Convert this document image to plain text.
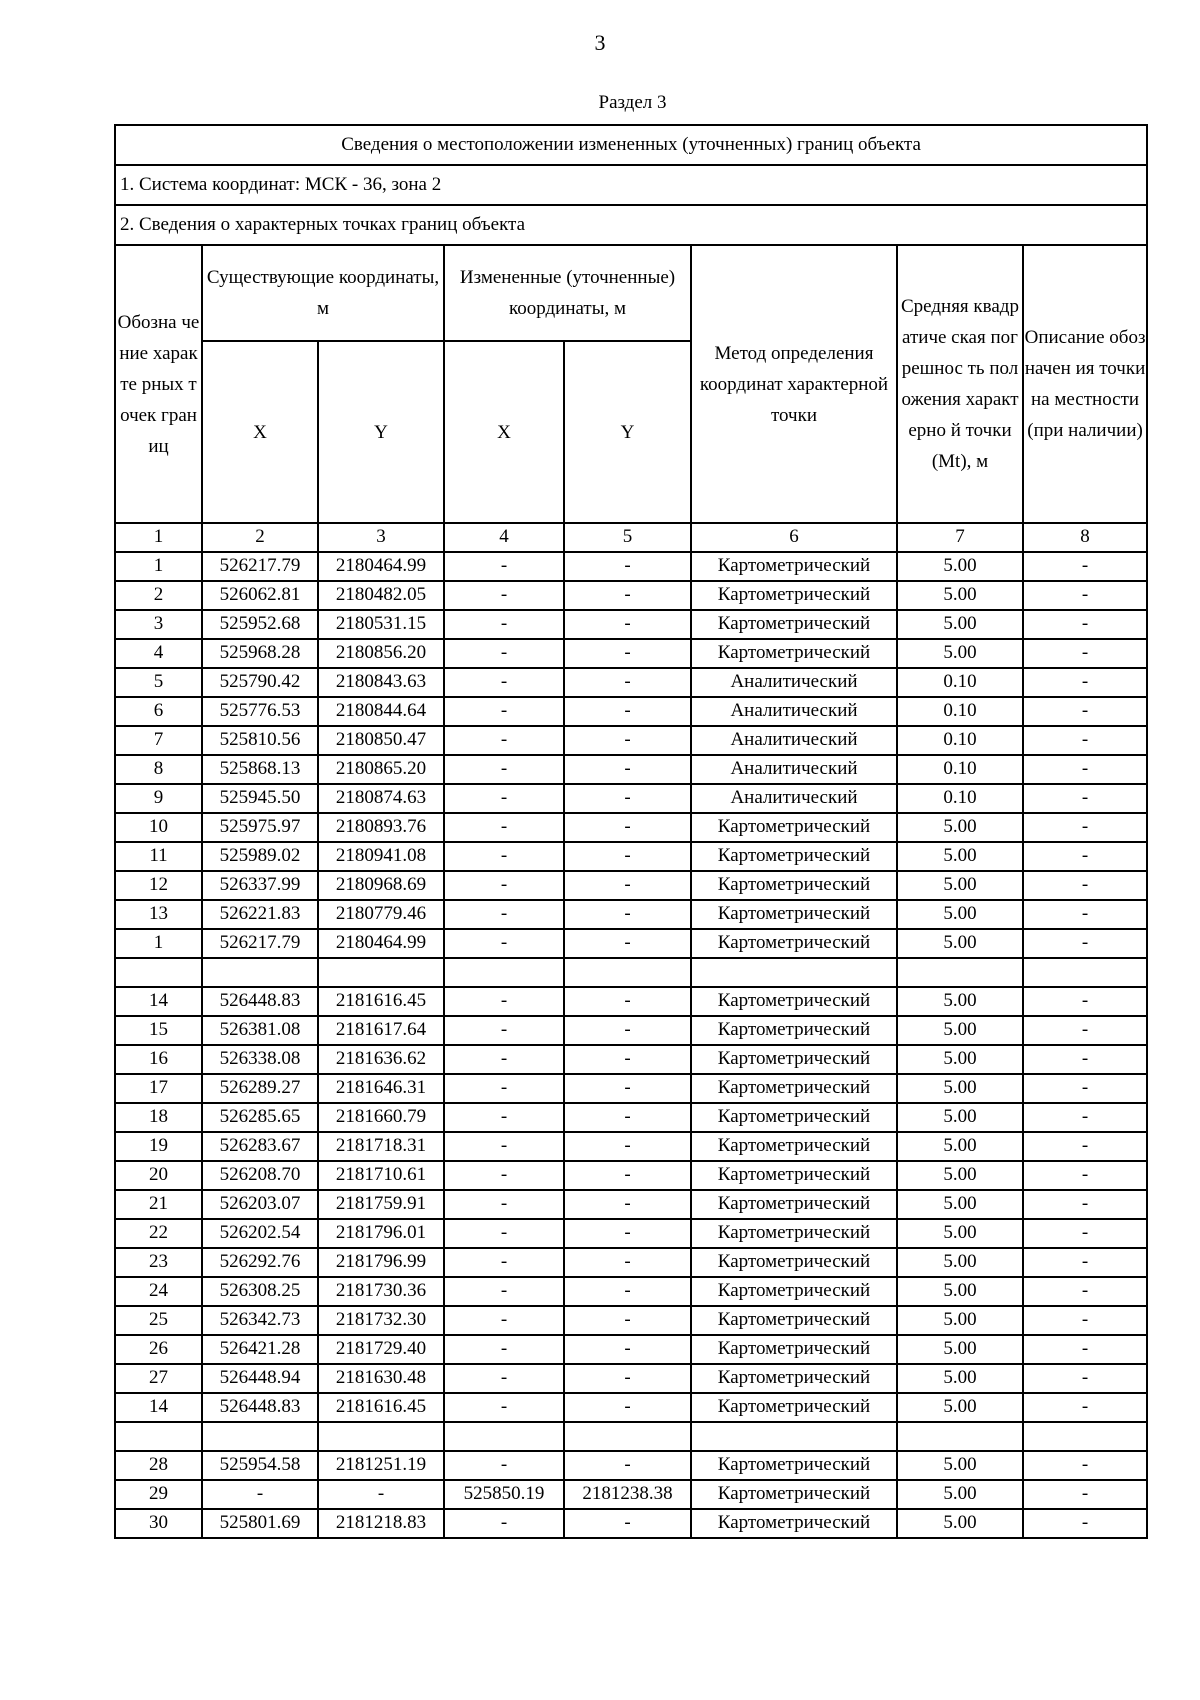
3
Раздел 3
Сведения о местоположении измененных (уточненных) границ объекта							
1. Система координат: МСК - 36, зона 2							
2. Сведения о характерных точках границ объекта							
Обозна чение характе рных точек границ	Существующие координаты, м		Измененные (уточненные) координаты, м		Метод определения координат характерной точки	Средняя квадратиче ская погрешнос ть положения характерно й точки (Mt), м	Описание обозначен ия точки на местности (при наличии)
	X	Y	X	Y			
1	2	3	4	5	6	7	8
1	526217.79	2180464.99	-	-	Картометрический	5.00	-
2	526062.81	2180482.05	-	-	Картометрический	5.00	-
3	525952.68	2180531.15	-	-	Картометрический	5.00	-
4	525968.28	2180856.20	-	-	Картометрический	5.00	-
5	525790.42	2180843.63	-	-	Аналитический	0.10	-
6	525776.53	2180844.64	-	-	Аналитический	0.10	-
7	525810.56	2180850.47	-	-	Аналитический	0.10	-
8	525868.13	2180865.20	-	-	Аналитический	0.10	-
9	525945.50	2180874.63	-	-	Аналитический	0.10	-
10	525975.97	2180893.76	-	-	Картометрический	5.00	-
11	525989.02	2180941.08	-	-	Картометрический	5.00	-
12	526337.99	2180968.69	-	-	Картометрический	5.00	-
13	526221.83	2180779.46	-	-	Картометрический	5.00	-
1	526217.79	2180464.99	-	-	Картометрический	5.00	-

14	526448.83	2181616.45	-	-	Картометрический	5.00	-
15	526381.08	2181617.64	-	-	Картометрический	5.00	-
16	526338.08	2181636.62	-	-	Картометрический	5.00	-
17	526289.27	2181646.31	-	-	Картометрический	5.00	-
18	526285.65	2181660.79	-	-	Картометрический	5.00	-
19	526283.67	2181718.31	-	-	Картометрический	5.00	-
20	526208.70	2181710.61	-	-	Картометрический	5.00	-
21	526203.07	2181759.91	-	-	Картометрический	5.00	-
22	526202.54	2181796.01	-	-	Картометрический	5.00	-
23	526292.76	2181796.99	-	-	Картометрический	5.00	-
24	526308.25	2181730.36	-	-	Картометрический	5.00	-
25	526342.73	2181732.30	-	-	Картометрический	5.00	-
26	526421.28	2181729.40	-	-	Картометрический	5.00	-
27	526448.94	2181630.48	-	-	Картометрический	5.00	-
14	526448.83	2181616.45	-	-	Картометрический	5.00	-

28	525954.58	2181251.19	-	-	Картометрический	5.00	-
29	-	-	525850.19	2181238.38	Картометрический	5.00	-
30	525801.69	2181218.83	-	-	Картометрический	5.00	-
